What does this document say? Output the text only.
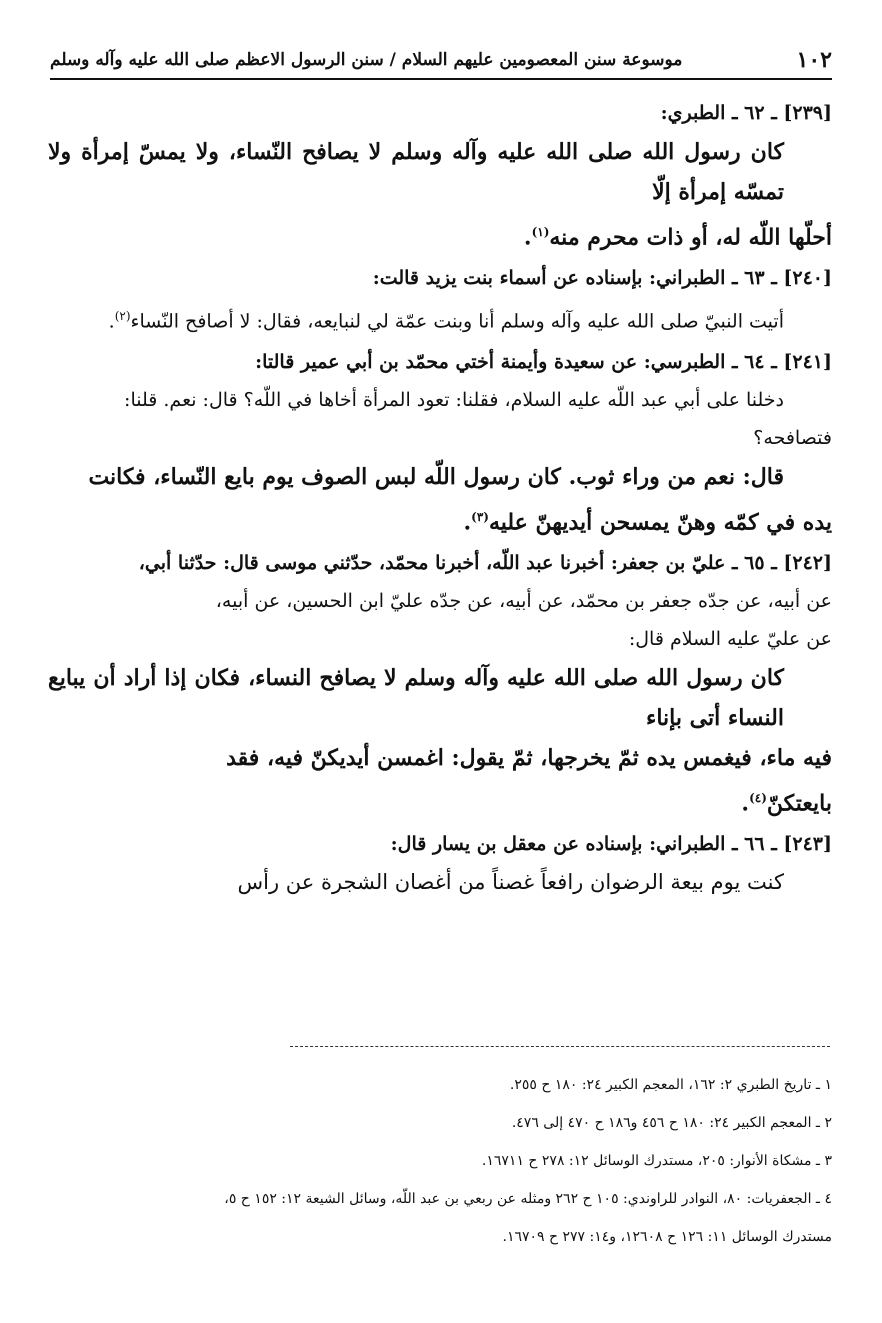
١٠٢
موسوعة سنن المعصومين عليهم السلام / سنن الرسول الاعظم صلى الله عليه وآله وسلم

[٢٣٩] ـ ٦٢ ـ الطبري:

كان رسول الله صلى الله عليه وآله وسلم لا يصافح النّساء، ولا يمسّ إمرأة ولا تمسّه إمرأة إلّا

أحلّها اللّه له، أو ذات محرم منه$^{(١)}$.

[٢٤٠] ـ ٦٣ ـ الطبراني: بإسناده عن أسماء بنت يزيد قالت:

أتيت النبيّ صلى الله عليه وآله وسلم أنا وبنت عمّة لي لنبايعه، فقال: لا أصافح النّساء$^{(٢)}$.

[٢٤١] ـ ٦٤ ـ الطبرسي: عن سعيدة وأيمنة أختي محمّد بن أبي عمير قالتا:

دخلنا على أبي عبد اللّه عليه السلام، فقلنا: تعود المرأة أخاها في اللّه؟ قال: نعم. قلنا:

فتصافحه؟

قال: نعم من وراء ثوب. كان رسول اللّه لبس الصوف يوم بايع النّساء، فكانت

يده في كمّه وهنّ يمسحن أيديهنّ عليه$^{(٣)}$.

[٢٤٢] ـ ٦٥ ـ عليّ بن جعفر: أخبرنا عبد اللّه، أخبرنا محمّد، حدّثني موسى قال: حدّثنا أبي،

عن أبيه، عن جدّه جعفر بن محمّد، عن أبيه، عن جدّه عليّ ابن الحسين، عن أبيه،

عن عليّ عليه السلام قال:

كان رسول الله صلى الله عليه وآله وسلم لا يصافح النساء، فكان إذا أراد أن يبايع النساء أتى بإناء

فيه ماء، فيغمس يده ثمّ يخرجها، ثمّ يقول: اغمسن أيديكنّ فيه، فقد

بايعتكنّ$^{(٤)}$.

[٢٤٣] ـ ٦٦ ـ الطبراني: بإسناده عن معقل بن يسار قال:

كنت يوم بيعة الرضوان رافعاً غصناً من أغصان الشجرة عن رأس

١ ـ تاريخ الطبري ٢: ١٦٢، المعجم الكبير ٢٤: ١٨٠ ح ٢٥٥.

٢ ـ المعجم الكبير ٢٤: ١٨٠ ح ٤٥٦ و١٨٦ ح ٤٧٠ إلى ٤٧٦.

٣ ـ مشكاة الأنوار: ٢٠٥، مستدرك الوسائل ١٢: ٢٧٨ ح ١٦٧١١.

٤ ـ الجعفريات: ٨٠، النوادر للراوندي: ١٠٥ ح ٢٦٢ ومثله عن ربعي بن عبد اللّه، وسائل الشيعة ١٢: ١٥٢ ح ٥،

مستدرك الوسائل ١١: ١٢٦ ح ١٢٦٠٨، و١٤: ٢٧٧ ح ١٦٧٠٩.
